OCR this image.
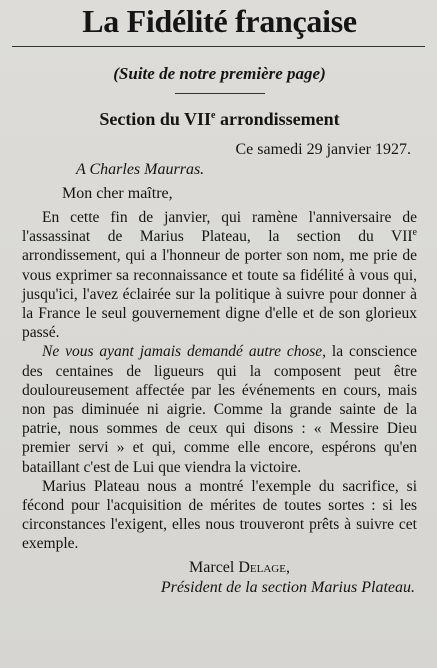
La Fidélité française
(Suite de notre première page)
Section du VIIe arrondissement
Ce samedi 29 janvier 1927.
A Charles Maurras.
Mon cher maître,

En cette fin de janvier, qui ramène l'anniversaire de l'assassinat de Marius Plateau, la section du VIIe arrondissement, qui a l'honneur de porter son nom, me prie de vous exprimer sa reconnaissance et toute sa fidélité à vous qui, jusqu'ici, l'avez éclairée sur la politique à suivre pour donner à la France le seul gouvernement digne d'elle et de son glorieux passé.

Ne vous ayant jamais demandé autre chose, la conscience des centaines de ligueurs qui la composent peut être douloureusement affectée par les événements en cours, mais non pas diminuée ni aigrie. Comme la grande sainte de la patrie, nous sommes de ceux qui disons : « Messire Dieu premier servi » et qui, comme elle encore, espérons qu'en bataillant c'est de Lui que viendra la victoire.

Marius Plateau nous a montré l'exemple du sacrifice, si fécond pour l'acquisition de mérites de toutes sortes : si les circonstances l'exigent, elles nous trouveront prêts à suivre cet exemple.

Marcel Delage,
Président de la section Marius Plateau.
